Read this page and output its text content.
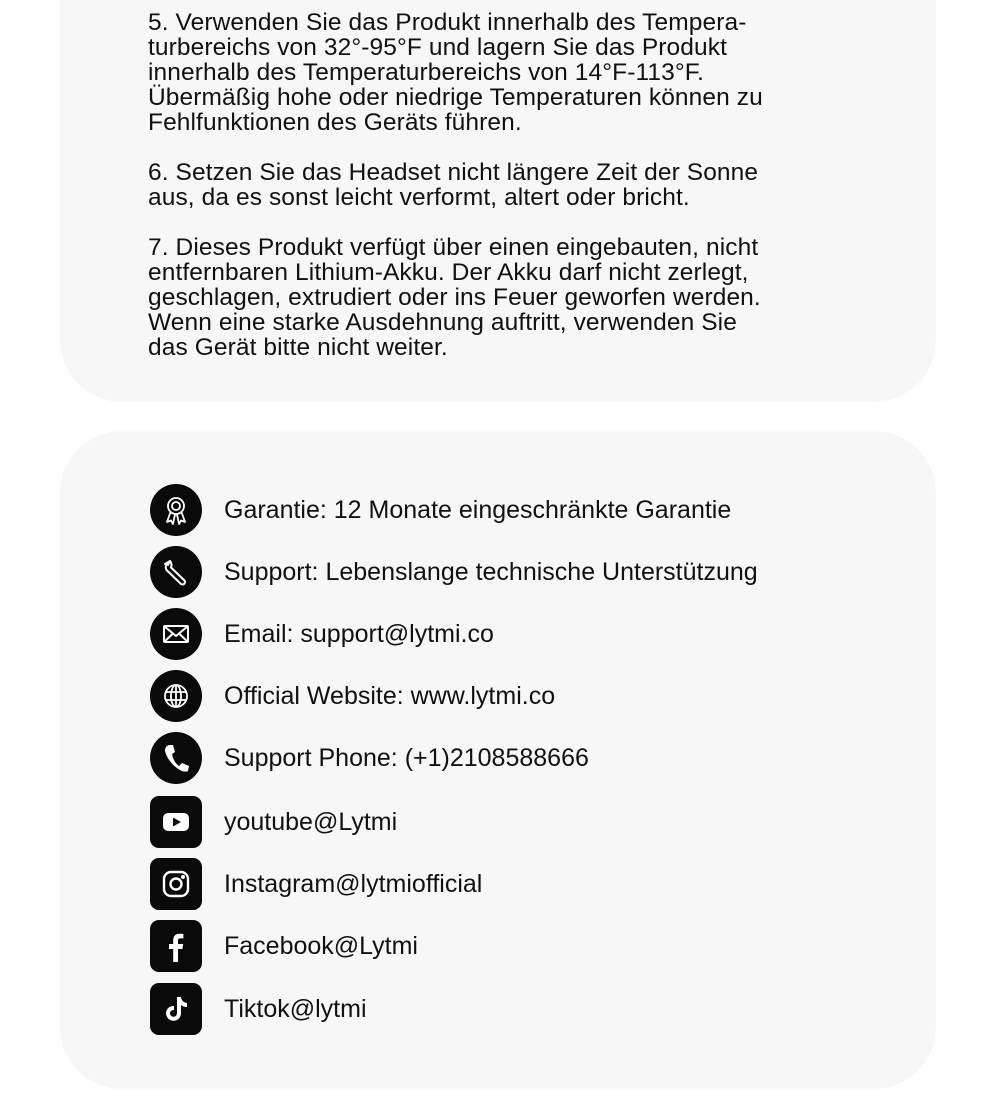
5. Verwenden Sie das Produkt innerhalb des Tempera-
turbereichs von 32°-95°F und lagern Sie das Produkt
innerhalb des Temperaturbereichs von 14°F-113°F.
Übermäßig hohe oder niedrige Temperaturen können zu
Fehlfunktionen des Geräts führen.

6. Setzen Sie das Headset nicht längere Zeit der Sonne
aus, da es sonst leicht verformt, altert oder bricht.

7. Dieses Produkt verfügt über einen eingebauten, nicht
entfernbaren Lithium-Akku. Der Akku darf nicht zerlegt,
geschlagen, extrudiert oder ins Feuer geworfen werden.
Wenn eine starke Ausdehnung auftritt, verwenden Sie
das Gerät bitte nicht weiter.

Garantie: 12 Monate eingeschränkte Garantie
Support: Lebenslange technische Unterstützung
Email: support@lytmi.co
Official Website: www.lytmi.co
Support Phone: (+1)2108588666
youtube@Lytmi
Instagram@lytmiofficial
Facebook@Lytmi
Tiktok@lytmi
